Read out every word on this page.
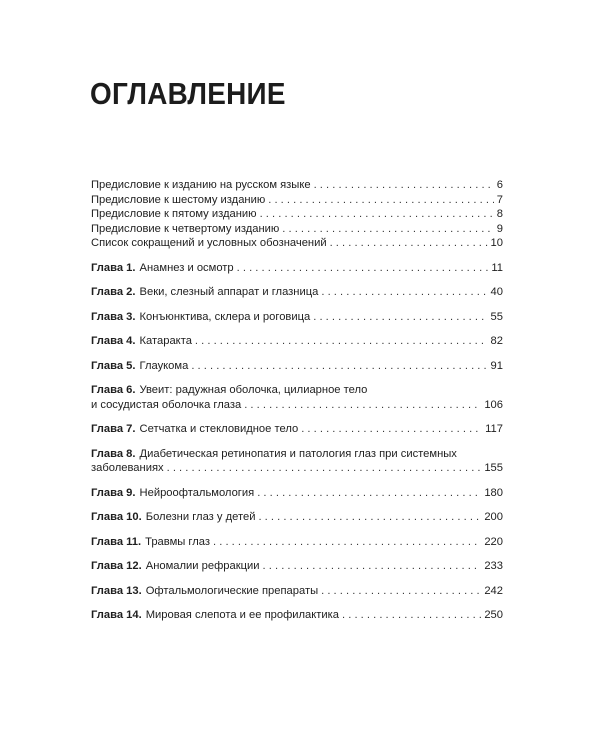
ОГЛАВЛЕНИЕ
Предисловие к изданию на русском языке . . .	6
Предисловие к шестому изданию . . .	7
Предисловие к пятому изданию . . .	8
Предисловие к четвертому изданию . . .	9
Список сокращений и условных обозначений . . .	10
Глава 1. Анамнез и осмотр . . .	11
Глава 2. Веки, слезный аппарат и глазница . . .	40
Глава 3. Конъюнктива, склера и роговица . . .	55
Глава 4. Катаракта . . .	82
Глава 5. Глаукома . . .	91
Глава 6. Увеит: радужная оболочка, цилиарное тело
и сосудистая оболочка глаза . . .	106
Глава 7. Сетчатка и стекловидное тело . . .	117
Глава 8. Диабетическая ретинопатия и патология глаз при системных
заболеваниях . . .	155
Глава 9. Нейроофтальмология . . .	180
Глава 10. Болезни глаз у детей . . .	200
Глава 11. Травмы глаз . . .	220
Глава 12. Аномалии рефракции . . .	233
Глава 13. Офтальмологические препараты . . .	242
Глава 14. Мировая слепота и ее профилактика . . .	250
